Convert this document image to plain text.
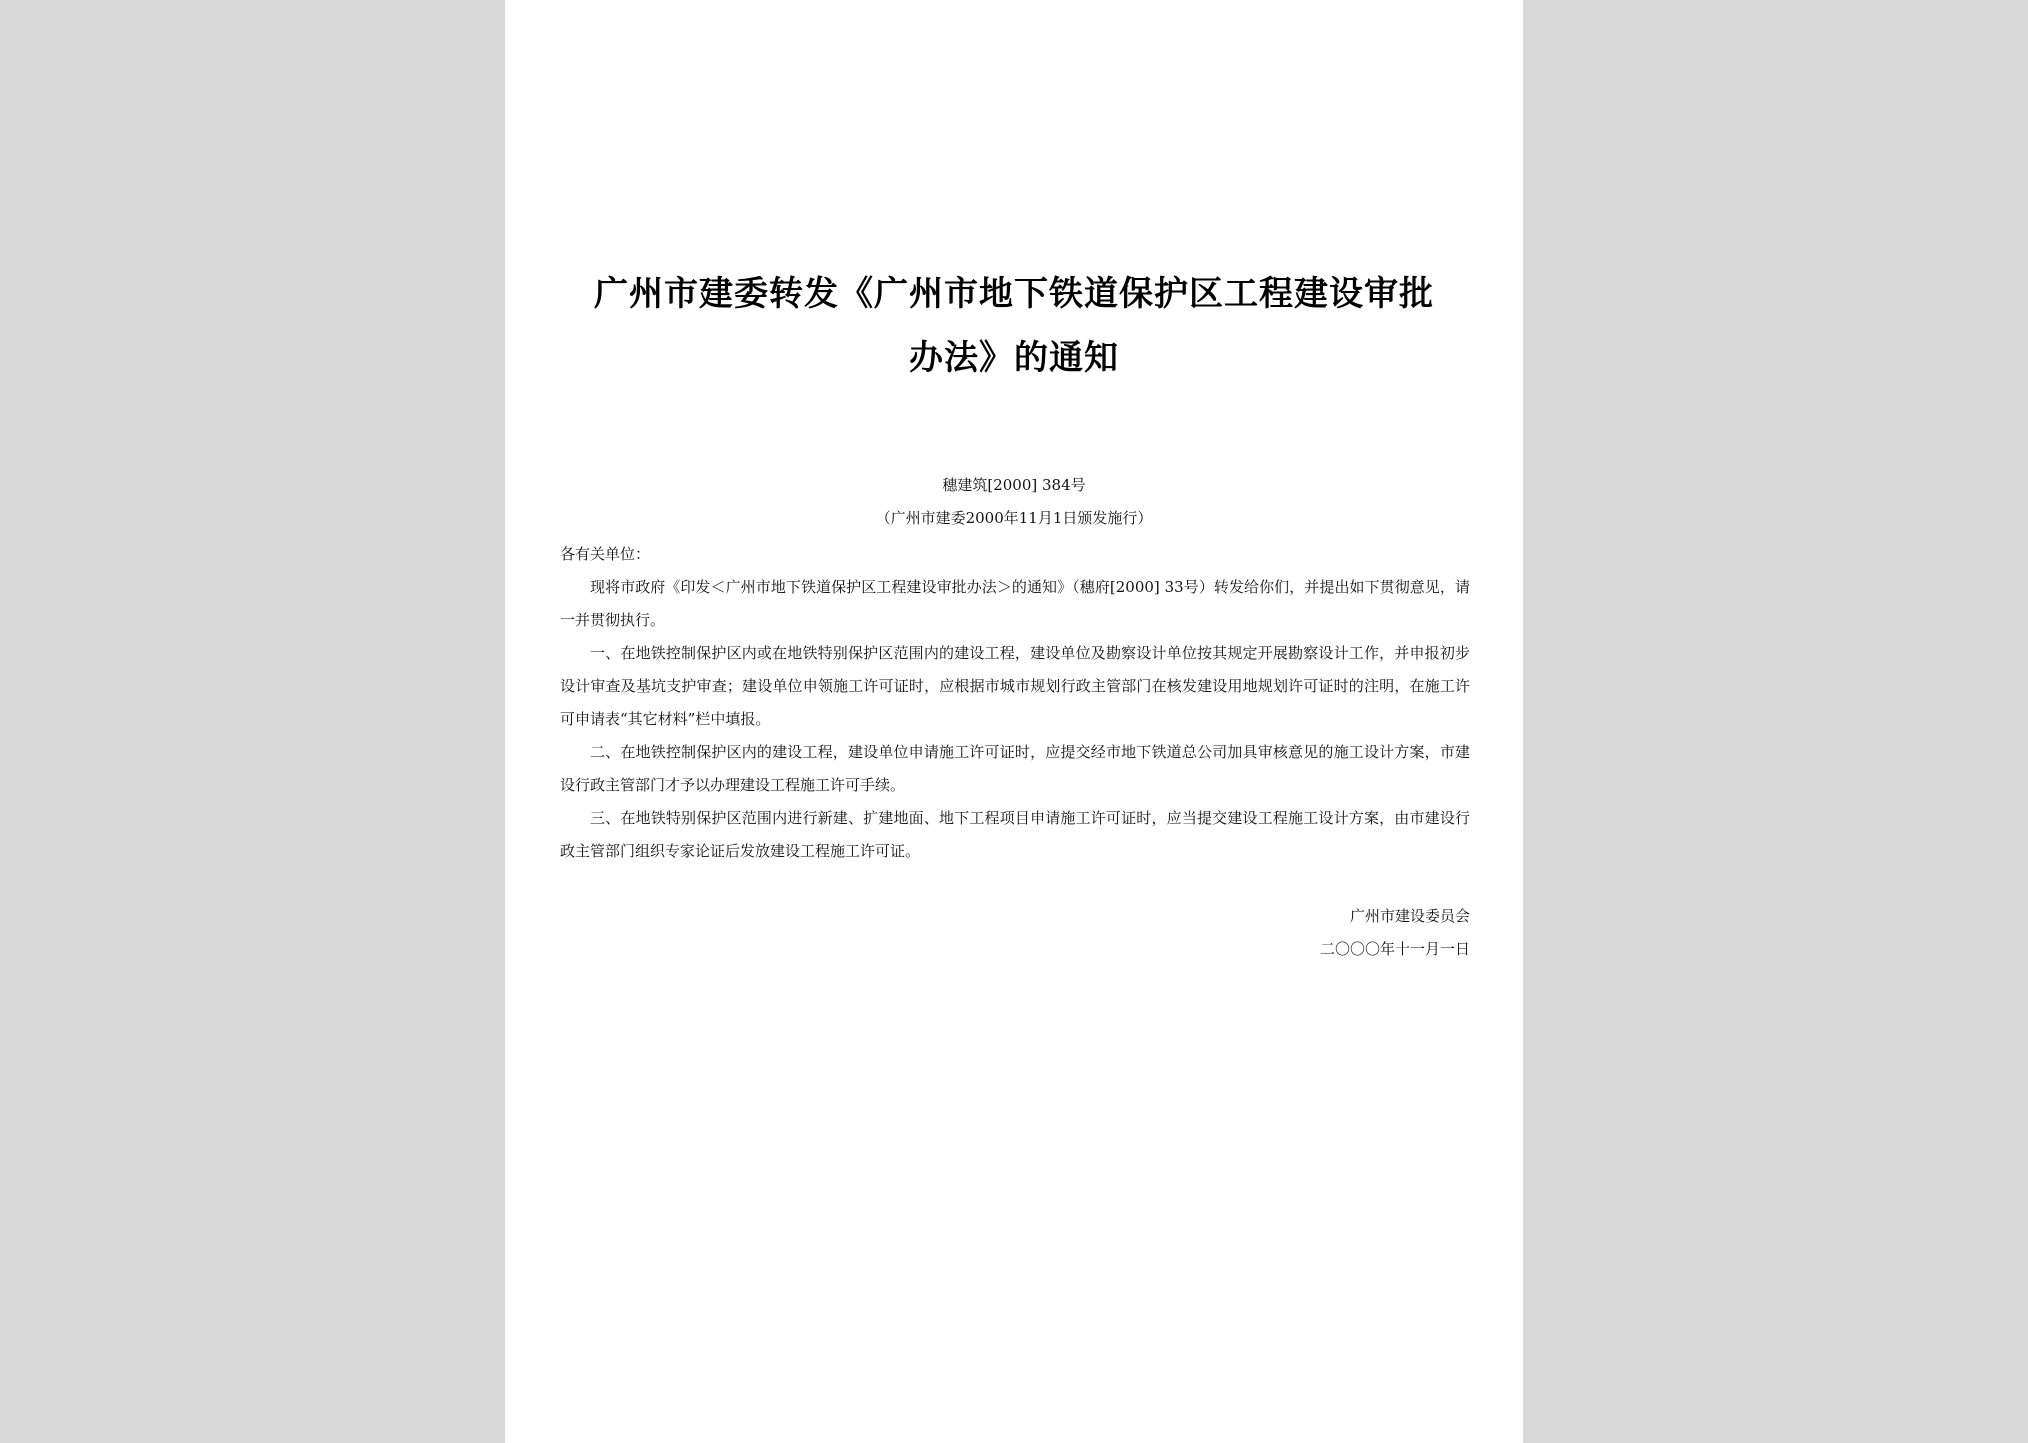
广州市建委转发《广州市地下铁道保护区工程建设审批
办法》的通知
穗建筑[2000] 384号
（广州市建委2000年11月1日颁发施行）

各有关单位：

现将市政府《印发＜广州市地下铁道保护区工程建设审批办法＞的通知》（穗府[2000] 33号）转发给你们，并提出如下贯彻意见，请一并贯彻执行。

一、在地铁控制保护区内或在地铁特别保护区范围内的建设工程，建设单位及勘察设计单位按其规定开展勘察设计工作，并申报初步设计审查及基坑支护审查；建设单位申领施工许可证时，应根据市城市规划行政主管部门在核发建设用地规划许可证时的注明，在施工许可申请表“其它材料”栏中填报。

二、在地铁控制保护区内的建设工程，建设单位申请施工许可证时，应提交经市地下铁道总公司加具审核意见的施工设计方案，市建设行政主管部门才予以办理建设工程施工许可手续。

三、在地铁特别保护区范围内进行新建、扩建地面、地下工程项目申请施工许可证时，应当提交建设工程施工设计方案，由市建设行政主管部门组织专家论证后发放建设工程施工许可证。

广州市建设委员会
二〇〇〇年十一月一日
